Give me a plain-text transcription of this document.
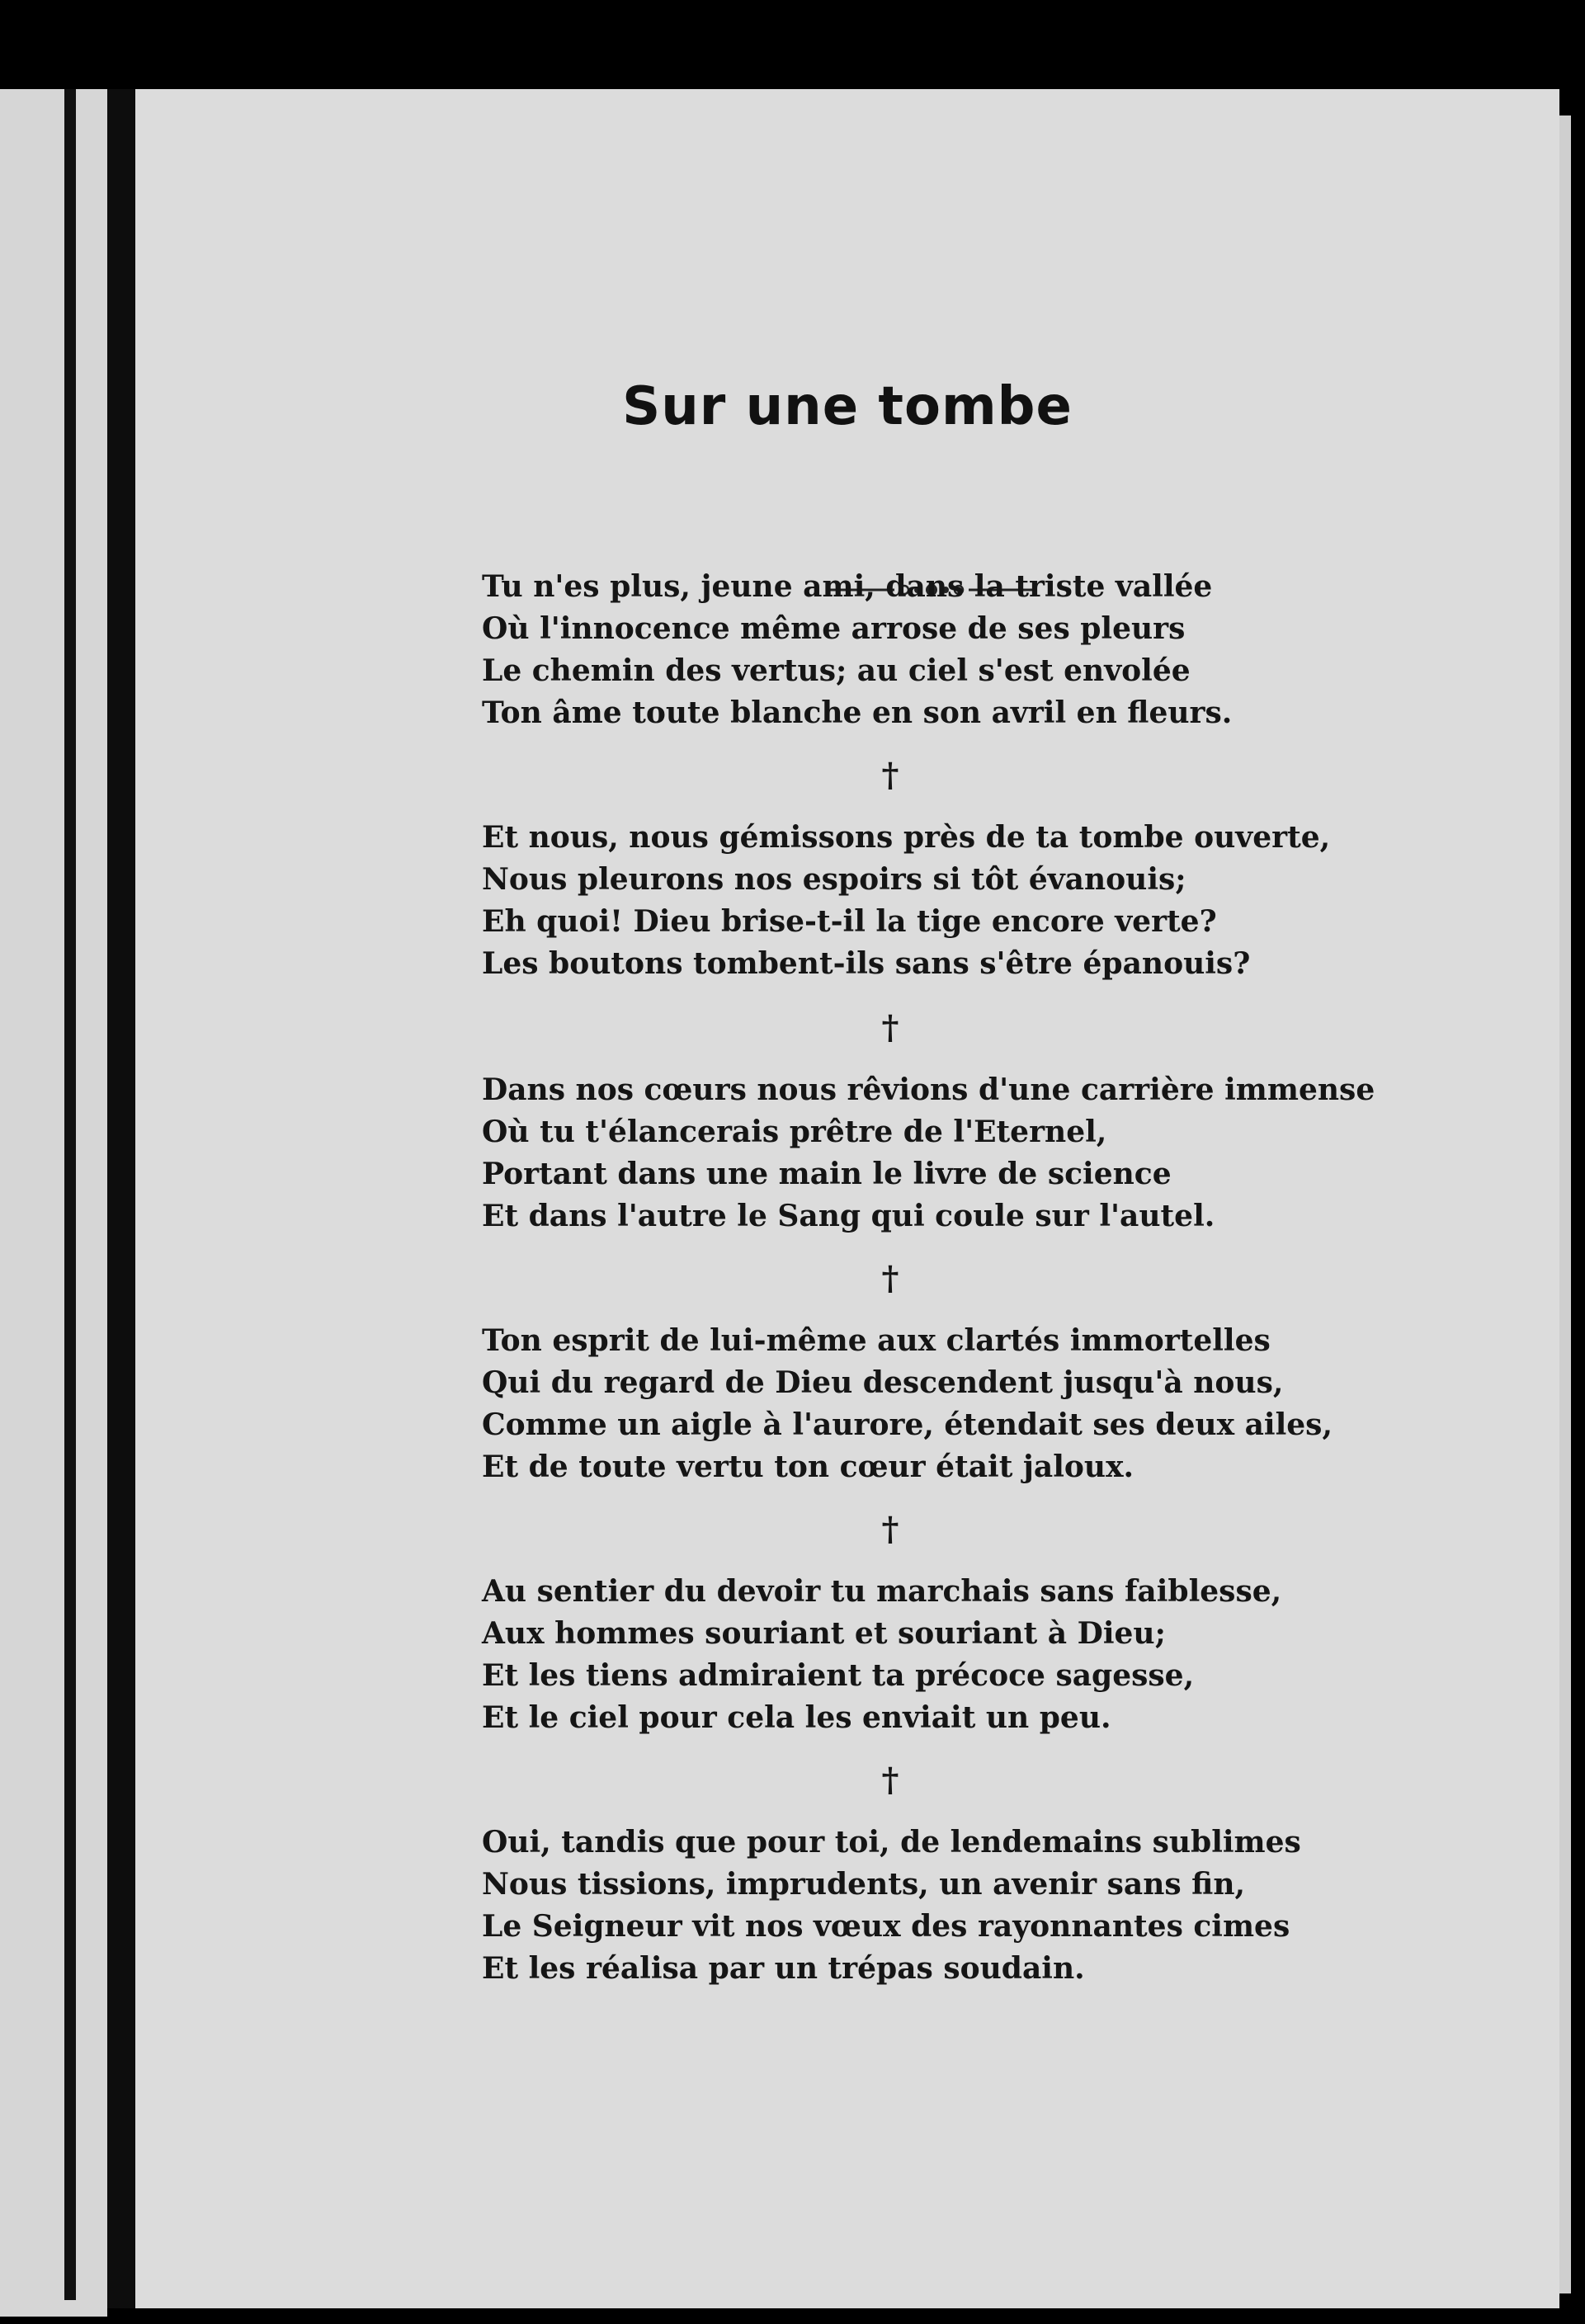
Sur une tombe
Tu n'es plus, jeune ami, dans la triste vallée
Où l'innocence même arrose de ses pleurs
Le chemin des vertus; au ciel s'est envolée
Ton âme toute blanche en son avril en fleurs.
†
Et nous, nous gémissons près de ta tombe ouverte,
Nous pleurons nos espoirs si tôt évanouis;
Eh quoi! Dieu brise-t-il la tige encore verte?
Les boutons tombent-ils sans s'être épanouis?
†
Dans nos cœurs nous rêvions d'une carrière immense
Où tu t'élancerais prêtre de l'Eternel,
Portant dans une main le livre de science
Et dans l'autre le Sang qui coule sur l'autel.
†
Ton esprit de lui-même aux clartés immortelles
Qui du regard de Dieu descendent jusqu'à nous,
Comme un aigle à l'aurore, étendait ses deux ailes,
Et de toute vertu ton cœur était jaloux.
†
Au sentier du devoir tu marchais sans faiblesse,
Aux hommes souriant et souriant à Dieu;
Et les tiens admiraient ta précoce sagesse,
Et le ciel pour cela les enviait un peu.
†
Oui, tandis que pour toi, de lendemains sublimes
Nous tissions, imprudents, un avenir sans fin,
Le Seigneur vit nos vœux des rayonnantes cimes
Et les réalisa par un trépas soudain.
